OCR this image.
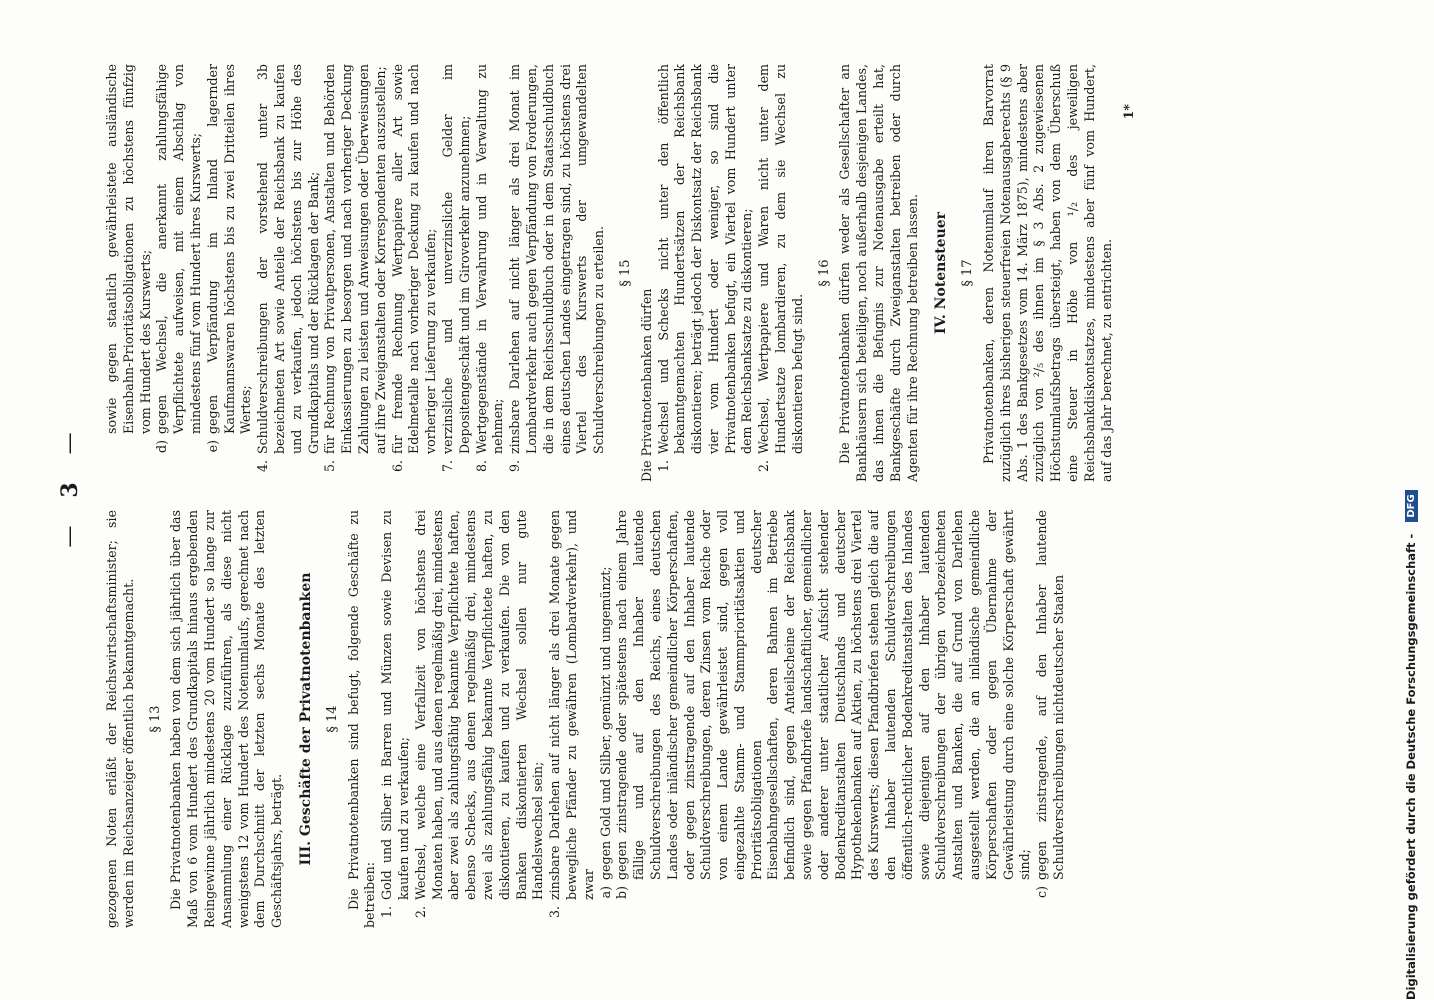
—
3
—

gezogenen Noten erläßt der Reichswirtschaftsminister; sie werden im Reichsanzeiger öffentlich bekanntgemacht. § 13 Die Privatnotenbanken haben von dem sich jährlich über das Maß von 6 vom Hundert des Grundkapitals hinaus ergebenden Reingewinne jährlich mindestens 20 vom Hundert so lange zur Ansammlung einer Rücklage zuzuführen, als diese nicht wenigstens 12 vom Hundert des Notenumlaufs, gerechnet nach dem Durchschnitt der letzten sechs Monate des letzten Geschäftsjahrs, beträgt. III. Geschäfte der Privatnotenbanken § 14 Die Privatnotenbanken sind befugt, folgende Geschäfte zu betreiben: 1.
Gold und Silber in Barren und Münzen sowie Devisen zu kaufen und zu verkaufen;
2.
Wechsel, welche eine Verfallzeit von höchstens drei Monaten haben, und aus denen regelmäßig drei, mindestens aber zwei als zahlungsfähig bekannte Verpflichtete haften, ebenso Schecks, aus denen regelmäßig drei, mindestens zwei als zahlungsfähig bekannte Verpflichtete haften, zu diskontieren, zu kaufen und zu verkaufen. Die von den Banken diskontierten Wechsel sollen nur gute Handelswechsel sein;
3.
zinsbare Darlehen auf nicht länger als drei Monate gegen bewegliche Pfänder zu gewähren (Lombardverkehr), und zwar a)
gegen Gold und Silber, gemünzt und ungemünzt;
b)
gegen zinstragende oder spätestens nach einem Jahre fällige und auf den Inhaber lautende Schuldverschreibungen des Reichs, eines deutschen Landes oder inländischer gemeindlicher Körperschaften, oder gegen zinstragende auf den Inhaber lautende Schuldverschreibungen, deren Zinsen vom Reiche oder von einem Lande gewährleistet sind, gegen voll eingezahlte Stamm- und Stammprioritätsaktien und Prioritätsobligationen deutscher Eisenbahngesellschaften, deren Bahnen im Betriebe befindlich sind, gegen Anteilscheine der Reichsbank sowie gegen Pfandbriefe landschaftlicher, gemeindlicher oder anderer unter staatlicher Aufsicht stehender Bodenkreditanstalten Deutschlands und deutscher Hypothekenbanken auf Aktien, zu höchstens drei Viertel des Kurswerts; diesen Pfandbriefen stehen gleich die auf den Inhaber lautenden Schuldverschreibungen öffentlich-rechtlicher Bodenkreditanstalten des Inlandes sowie diejenigen auf den Inhaber lautenden Schuldverschreibungen der übrigen vorbezeichneten Anstalten und Banken, die auf Grund von Darlehen ausgestellt werden, die an inländische gemeindliche Körperschaften oder gegen Übernahme der Gewährleistung durch eine solche Körperschaft gewährt sind;
c)
gegen zinstragende, auf den Inhaber lautende Schuldverschreibungen nichtdeutscher Staaten

sowie gegen staatlich gewährleistete ausländische Eisenbahn-Prioritätsobligationen zu höchstens fünfzig vom Hundert des Kurswerts;

d)
gegen Wechsel, die anerkannt zahlungsfähige Verpflichtete aufweisen, mit einem Abschlag von mindestens fünf vom Hundert ihres Kurswerts;
e)
gegen Verpfändung im Inland lagernder Kaufmannswaren höchstens bis zu zwei Dritteilen ihres Wertes;
4.
Schuldverschreibungen der vorstehend unter 3b bezeichneten Art sowie Anteile der Reichsbank zu kaufen und zu verkaufen, jedoch höchstens bis zur Höhe des Grundkapitals und der Rücklagen der Bank;
5.
für Rechnung von Privatpersonen, Anstalten und Behörden Einkassierungen zu besorgen und nach vorheriger Deckung Zahlungen zu leisten und Anweisungen oder Überweisungen auf ihre Zweiganstalten oder Korrespondenten auszustellen;
6.
für fremde Rechnung Wertpapiere aller Art sowie Edelmetalle nach vorheriger Deckung zu kaufen und nach vorheriger Lieferung zu verkaufen;
7.
verzinsliche und unverzinsliche Gelder im Depositengeschäft und im Giroverkehr anzunehmen;
8.
Wertgegenstände in Verwahrung und in Verwaltung zu nehmen;
9.
zinsbare Darlehen auf nicht länger als drei Monat im Lombardverkehr auch gegen Verpfändung von Forderungen, die in dem Reichsschuldbuch oder in dem Staatsschuldbuch eines deutschen Landes eingetragen sind, zu höchstens drei Viertel des Kurswerts der umgewandelten Schuldverschreibungen zu erteilen. § 15

Die Privatnotenbanken dürfen 1.
Wechsel und Schecks nicht unter den öffentlich bekanntgemachten Hundertsätzen der Reichsbank diskontieren; beträgt jedoch der Diskontsatz der Reichsbank vier vom Hundert oder weniger, so sind die Privatnotenbanken befugt, ein Viertel vom Hundert unter dem Reichsbanksatze zu diskontieren;
2.
Wechsel, Wertpapiere und Waren nicht unter dem Hundertsatze lombardieren, zu dem sie Wechsel zu diskontieren befugt sind.
§ 16 Die Privatnotenbanken dürfen weder als Gesellschafter an Bankhäusern sich beteiligen, noch außerhalb desjenigen Landes, das ihnen die Befugnis zur Notenausgabe erteilt hat, Bankgeschäfte durch Zweiganstalten betreiben oder durch Agenten für ihre Rechnung betreiben lassen. IV. Notensteuer § 17 Privatnotenbanken, deren Notenumlauf ihren Barvorrat zuzüglich ihres bisherigen steuerfreien Notenausgaberechts (§ 9 Abs. 1 des Bankgesetzes vom 14. März 1875), mindestens aber zuzüglich von ²/₅ des ihnen im § 3 Abs. 2 zugewiesenen Höchstumlaufsbetrags übersteigt, haben von dem Überschuß eine Steuer in Höhe von ¹/₂ des jeweiligen Reichsbankdiskontsatzes, mindestens aber fünf vom Hundert, auf das Jahr berechnet, zu entrichten.

1*
Digitalisierung gefördert durch die Deutsche Forschungsgemeinschaft -
DFG
